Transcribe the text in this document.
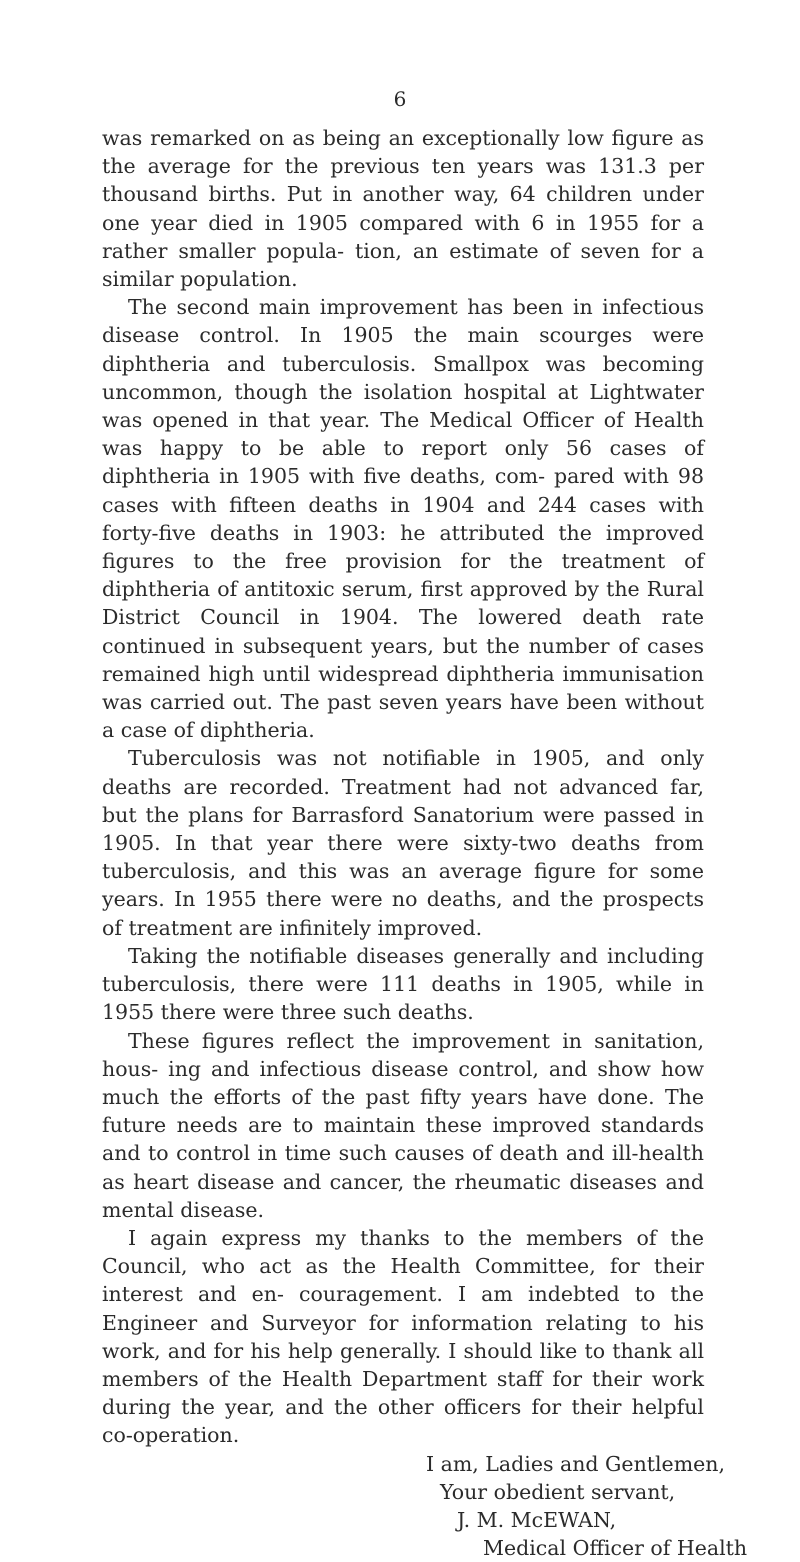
6

was remarked on as being an exceptionally low figure as the average for the previous ten years was 131.3 per thousand births. Put in another way, 64 children under one year died in 1905 compared with 6 in 1955 for a rather smaller popula- tion, an estimate of seven for a similar population.

The second main improvement has been in infectious disease control. In 1905 the main scourges were diphtheria and tuberculosis. Smallpox was becoming uncommon, though the isolation hospital at Lightwater was opened in that year. The Medical Officer of Health was happy to be able to report only 56 cases of diphtheria in 1905 with five deaths, com- pared with 98 cases with fifteen deaths in 1904 and 244 cases with forty-five deaths in 1903: he attributed the improved figures to the free provision for the treatment of diphtheria of antitoxic serum, first approved by the Rural District Council in 1904. The lowered death rate continued in subsequent years, but the number of cases remained high until widespread diphtheria immunisation was carried out. The past seven years have been without a case of diphtheria.

Tuberculosis was not notifiable in 1905, and only deaths are recorded. Treatment had not advanced far, but the plans for Barrasford Sanatorium were passed in 1905. In that year there were sixty-two deaths from tuberculosis, and this was an average figure for some years. In 1955 there were no deaths, and the prospects of treatment are infinitely improved.

Taking the notifiable diseases generally and including tuberculosis, there were 111 deaths in 1905, while in 1955 there were three such deaths.

These figures reflect the improvement in sanitation, hous- ing and infectious disease control, and show how much the efforts of the past fifty years have done. The future needs are to maintain these improved standards and to control in time such causes of death and ill-health as heart disease and cancer, the rheumatic diseases and mental disease.

I again express my thanks to the members of the Council, who act as the Health Committee, for their interest and en- couragement. I am indebted to the Engineer and Surveyor for information relating to his work, and for his help generally. I should like to thank all members of the Health Department staff for their work during the year, and the other officers for their helpful co-operation.

I am, Ladies and Gentlemen,
Your obedient servant,
J. M. McEWAN,
Medical Officer of Health
